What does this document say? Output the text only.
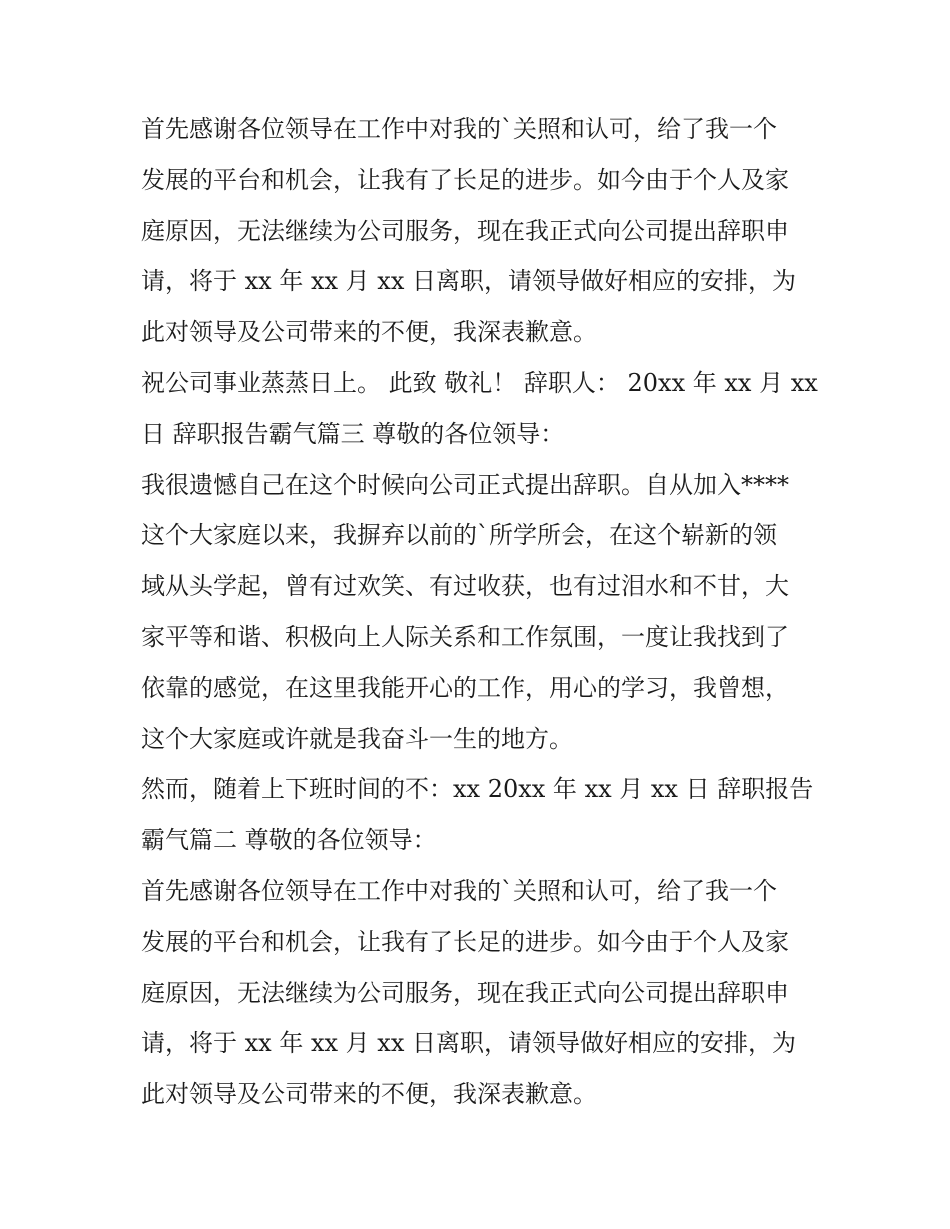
首先感谢各位领导在工作中对我的`关照和认可，给了我一个
发展的平台和机会，让我有了长足的进步。如今由于个人及家
庭原因，无法继续为公司服务，现在我正式向公司提出辞职申
请，将于 xx 年 xx 月 xx 日离职，请领导做好相应的安排，为
此对领导及公司带来的不便，我深表歉意。
祝公司事业蒸蒸日上。 此致 敬礼！ 辞职人： 20xx 年 xx 月 xx
日 辞职报告霸气篇三 尊敬的各位领导：
我很遗憾自己在这个时候向公司正式提出辞职。自从加入****
这个大家庭以来，我摒弃以前的`所学所会，在这个崭新的领
域从头学起，曾有过欢笑、有过收获，也有过泪水和不甘，大
家平等和谐、积极向上人际关系和工作氛围，一度让我找到了
依靠的感觉，在这里我能开心的工作，用心的学习，我曾想，
这个大家庭或许就是我奋斗一生的地方。
然而，随着上下班时间的不：xx 20xx 年 xx 月 xx 日 辞职报告
霸气篇二 尊敬的各位领导：
首先感谢各位领导在工作中对我的`关照和认可，给了我一个
发展的平台和机会，让我有了长足的进步。如今由于个人及家
庭原因，无法继续为公司服务，现在我正式向公司提出辞职申
请，将于 xx 年 xx 月 xx 日离职，请领导做好相应的安排，为
此对领导及公司带来的不便，我深表歉意。
